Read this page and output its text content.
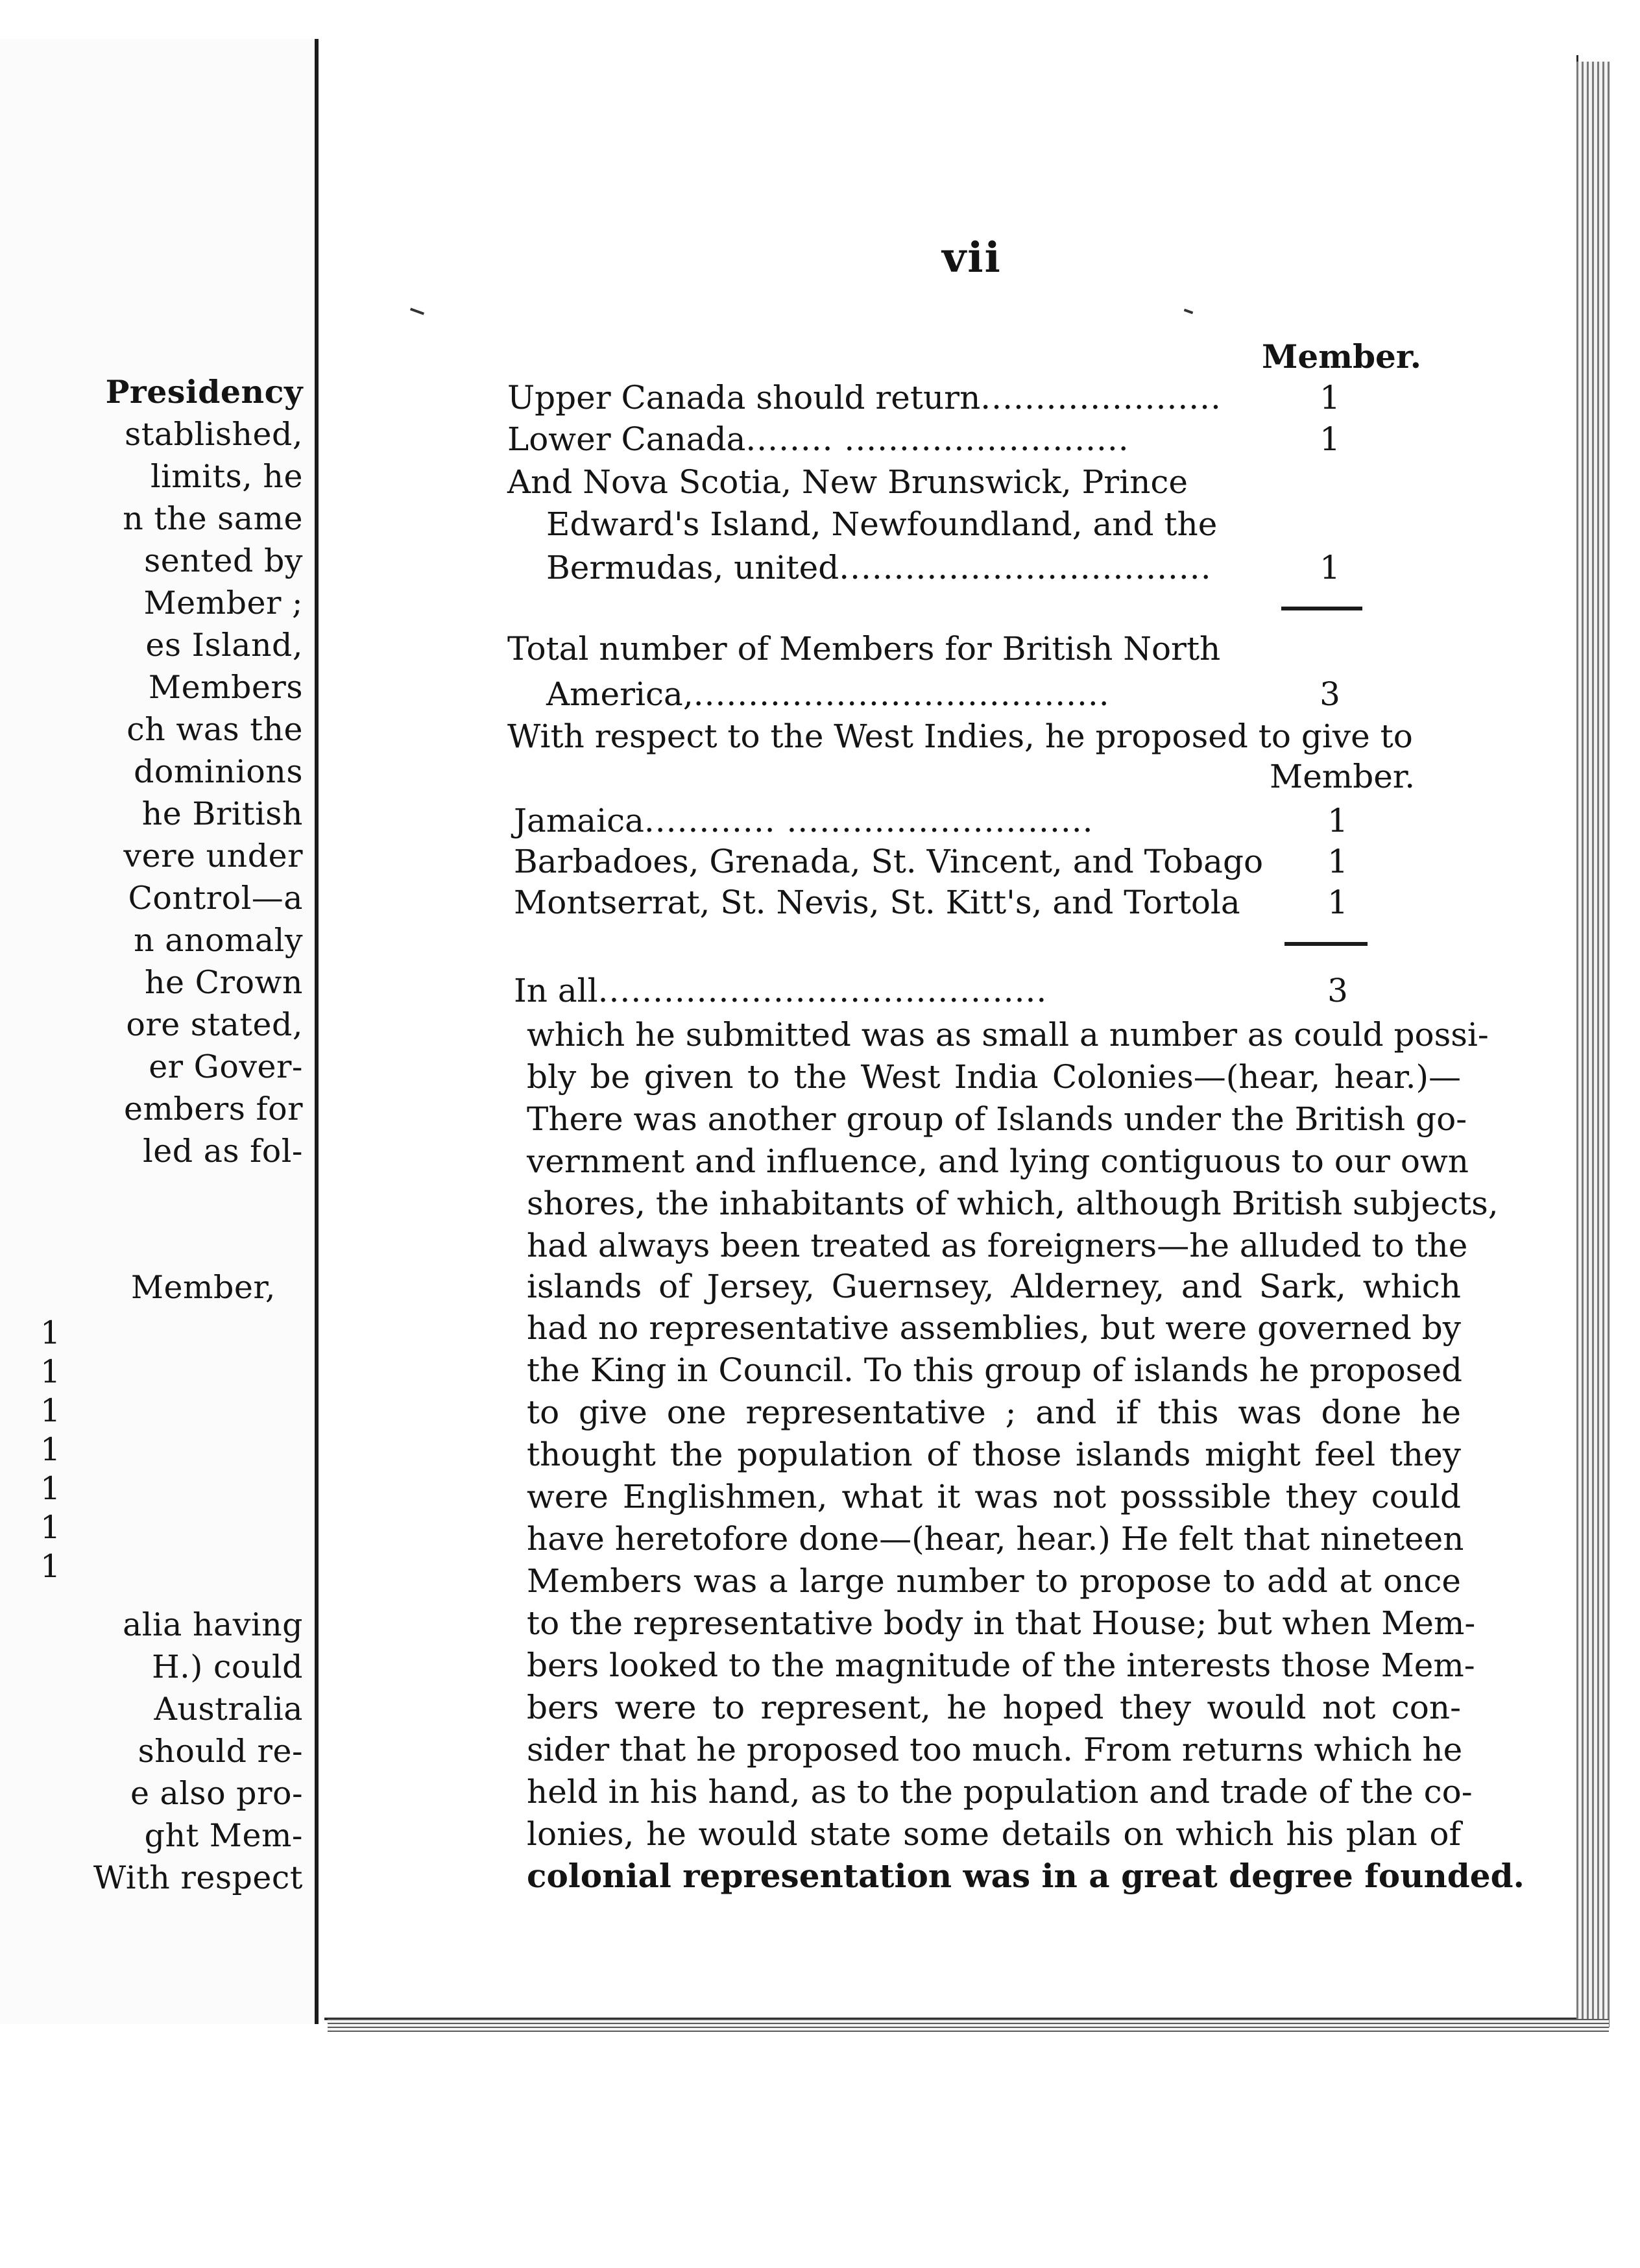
Presidency
stablished,
limits, he
n the same
sented by
Member ;
es Island,
Members
ch was the
dominions
he British
vere under
Control—a
n anomaly
he Crown
ore stated,
er Gover-
embers for
led as fol-
Member,
1
1
1
1
1
1
1
alia having
H.) could
Australia
should re-
e also pro-
ght Mem-
With respect
vii
Member.
Upper Canada should return......................	1
Lower Canada........ ..........................	1
And Nova Scotia, New Brunswick, Prince
Edward's Island, Newfoundland, and the
Bermudas, united..................................	1
Total number of Members for British North
America,......................................	3
With respect to the West Indies, he proposed to give to
Member.
Jamaica............ ............................	1
Barbadoes, Grenada, St. Vincent, and Tobago 1
Montserrat, St. Nevis, St. Kitt's, and Tortola	1
In all.........................................	3
which he submitted was as small a number as could possi-
bly be given to the West India Colonies—(hear, hear.)—
There was another group of Islands under the British go-
vernment and influence, and lying contiguous to our own
shores, the inhabitants of which, although British subjects,
had always been treated as foreigners—he alluded to the
islands of Jersey, Guernsey, Alderney, and Sark, which
had no representative assemblies, but were governed by
the King in Council. To this group of islands he proposed
to give one representative ; and if this was done he
thought the population of those islands might feel they
were Englishmen, what it was not posssible they could
have heretofore done—(hear, hear.) He felt that nineteen
Members was a large number to propose to add at once
to the representative body in that House; but when Mem-
bers looked to the magnitude of the interests those Mem-
bers were to represent, he hoped they would not con-
sider that he proposed too much. From returns which he
held in his hand, as to the population and trade of the co-
lonies, he would state some details on which his plan of
colonial representation was in a great degree founded.
